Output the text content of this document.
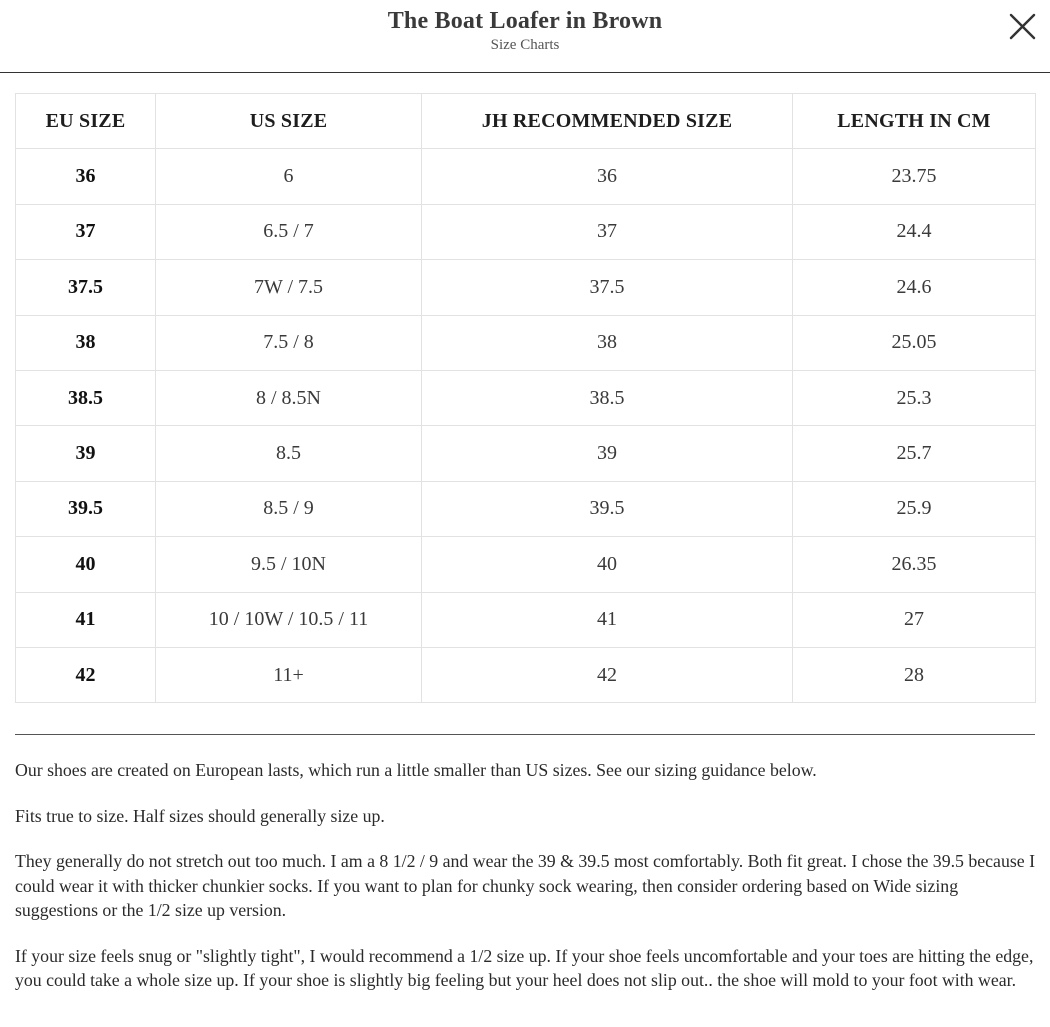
The Boat Loafer in Brown
Size Charts
EU SIZE	US SIZE	JH RECOMMENDED SIZE	LENGTH IN CM
36	6	36	23.75
37	6.5 / 7	37	24.4
37.5	7W / 7.5	37.5	24.6
38	7.5 / 8	38	25.05
38.5	8 / 8.5N	38.5	25.3
39	8.5	39	25.7
39.5	8.5 / 9	39.5	25.9
40	9.5 / 10N	40	26.35
41	10 / 10W / 10.5 / 11	41	27
42	11+	42	28

Our shoes are created on European lasts, which run a little smaller than US sizes. See our sizing guidance below.

Fits true to size. Half sizes should generally size up.

They generally do not stretch out too much. I am a 8 1/2 / 9 and wear the 39 & 39.5 most comfortably. Both fit great. I chose the 39.5 because I could wear it with thicker chunkier socks. If you want to plan for chunky sock wearing, then consider ordering based on Wide sizing suggestions or the 1/2 size up version.

If your size feels snug or "slightly tight", I would recommend a 1/2 size up. If your shoe feels uncomfortable and your toes are hitting the edge, you could take a whole size up. If your shoe is slightly big feeling but your heel does not slip out.. the shoe will mold to your foot with wear.
